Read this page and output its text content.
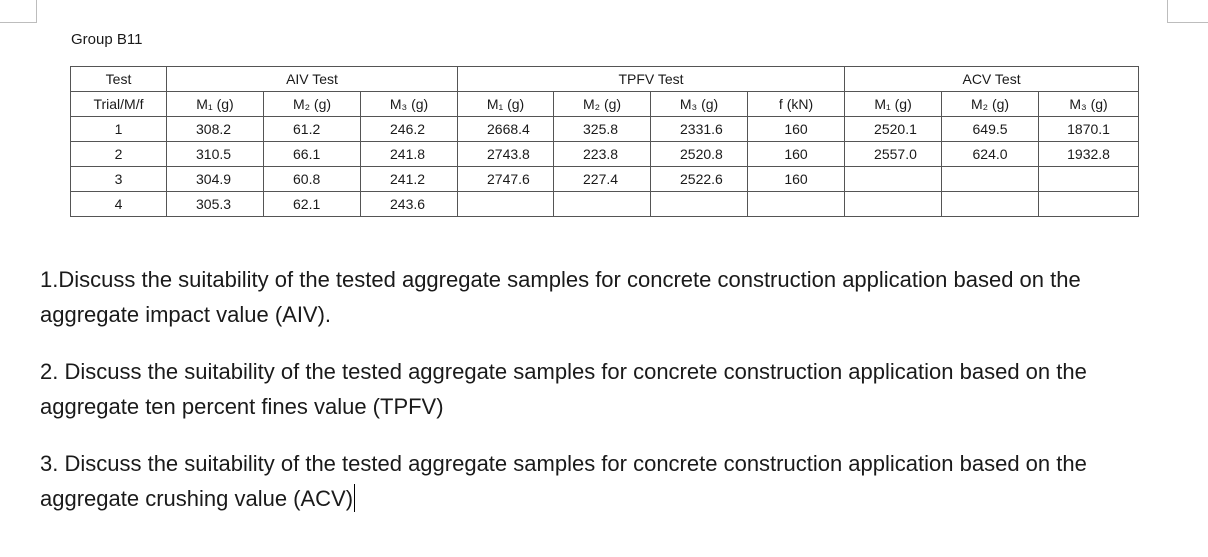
Group B11
Test	AIV Test			TPFV Test				ACV Test		
Trial/M/f	M₁ (g)	M₂ (g)	M₃ (g)	M₁ (g)	M₂ (g)	M₃ (g)	f (kN)	M₁ (g)	M₂ (g)	M₃ (g)
1	308.2	61.2	246.2	2668.4	325.8	2331.6	160	2520.1	649.5	1870.1
2	310.5	66.1	241.8	2743.8	223.8	2520.8	160	2557.0	624.0	1932.8
3	304.9	60.8	241.2	2747.6	227.4	2522.6	160			
4	305.3	62.1	243.6							

1.Discuss the suitability of the tested aggregate samples for concrete construction application based on the aggregate impact value (AIV).

2. Discuss the suitability of the tested aggregate samples for concrete construction application based on the aggregate ten percent fines value (TPFV)

3. Discuss the suitability of the tested aggregate samples for concrete construction application based on the aggregate crushing value (ACV)
